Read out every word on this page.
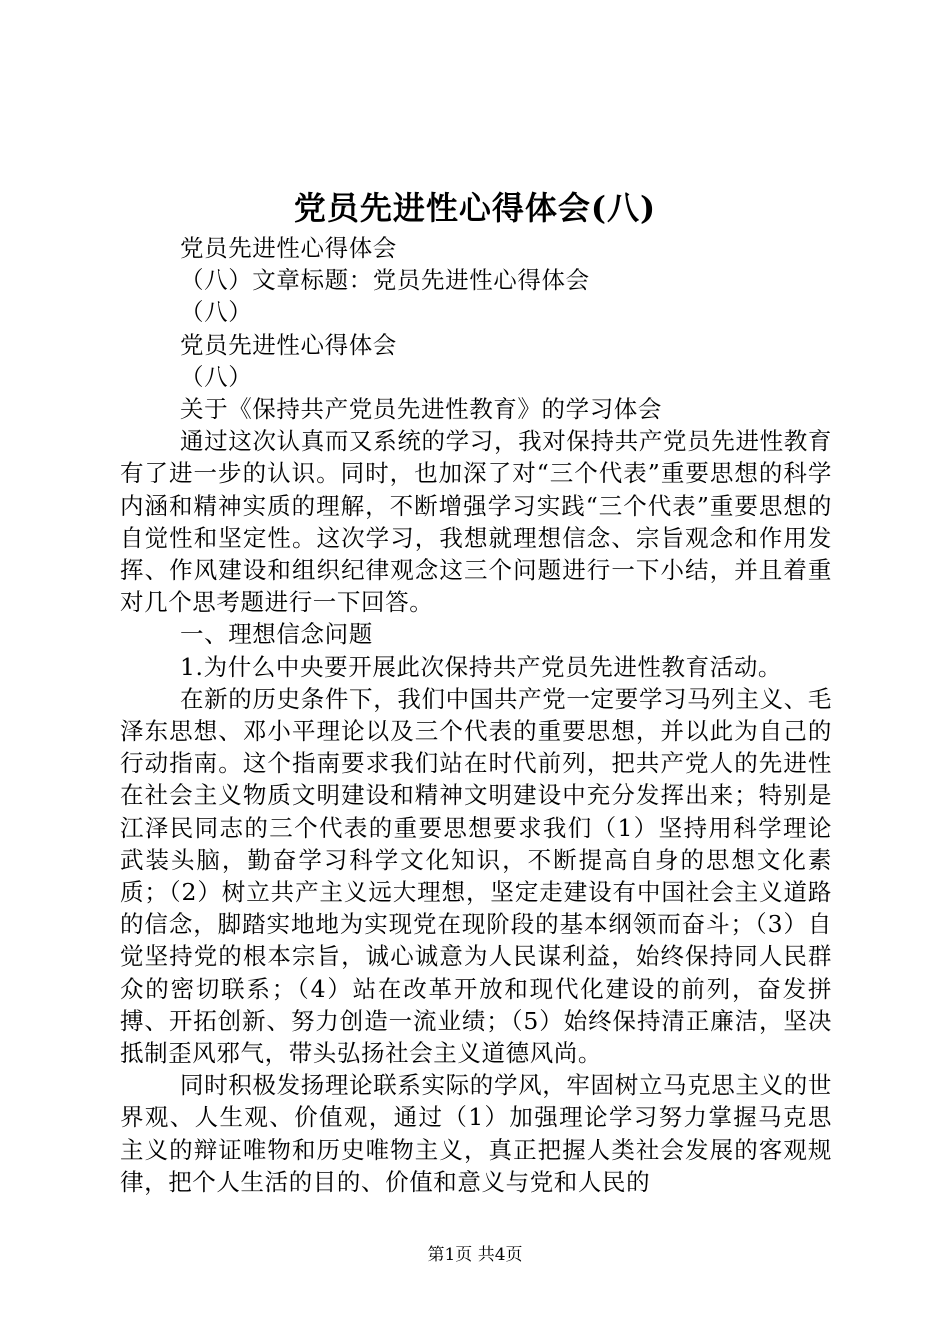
党员先进性心得体会(八)

党员先进性心得体会

（八）文章标题：党员先进性心得体会

（八）

党员先进性心得体会

（八）

关于《保持共产党员先进性教育》的学习体会

通过这次认真而又系统的学习，我对保持共产党员先进性教育有了进一步的认识。同时，也加深了对“三个代表”重要思想的科学内涵和精神实质的理解，不断增强学习实践“三个代表”重要思想的自觉性和坚定性。这次学习，我想就理想信念、宗旨观念和作用发挥、作风建设和组织纪律观念这三个问题进行一下小结，并且着重对几个思考题进行一下回答。

一、理想信念问题

1.为什么中央要开展此次保持共产党员先进性教育活动。

在新的历史条件下，我们中国共产党一定要学习马列主义、毛泽东思想、邓小平理论以及三个代表的重要思想，并以此为自己的行动指南。这个指南要求我们站在时代前列，把共产党人的先进性在社会主义物质文明建设和精神文明建设中充分发挥出来；特别是江泽民同志的三个代表的重要思想要求我们（1）坚持用科学理论武装头脑，勤奋学习科学文化知识，不断提高自身的思想文化素质；（2）树立共产主义远大理想，坚定走建设有中国社会主义道路的信念，脚踏实地地为实现党在现阶段的基本纲领而奋斗；（3）自觉坚持党的根本宗旨，诚心诚意为人民谋利益，始终保持同人民群众的密切联系；（4）站在改革开放和现代化建设的前列，奋发拼搏、开拓创新、努力创造一流业绩；（5）始终保持清正廉洁，坚决抵制歪风邪气，带头弘扬社会主义道德风尚。

同时积极发扬理论联系实际的学风，牢固树立马克思主义的世界观、人生观、价值观，通过（1）加强理论学习努力掌握马克思主义的辩证唯物和历史唯物主义，真正把握人类社会发展的客观规律，把个人生活的目的、价值和意义与党和人民的

第1页 共4页
